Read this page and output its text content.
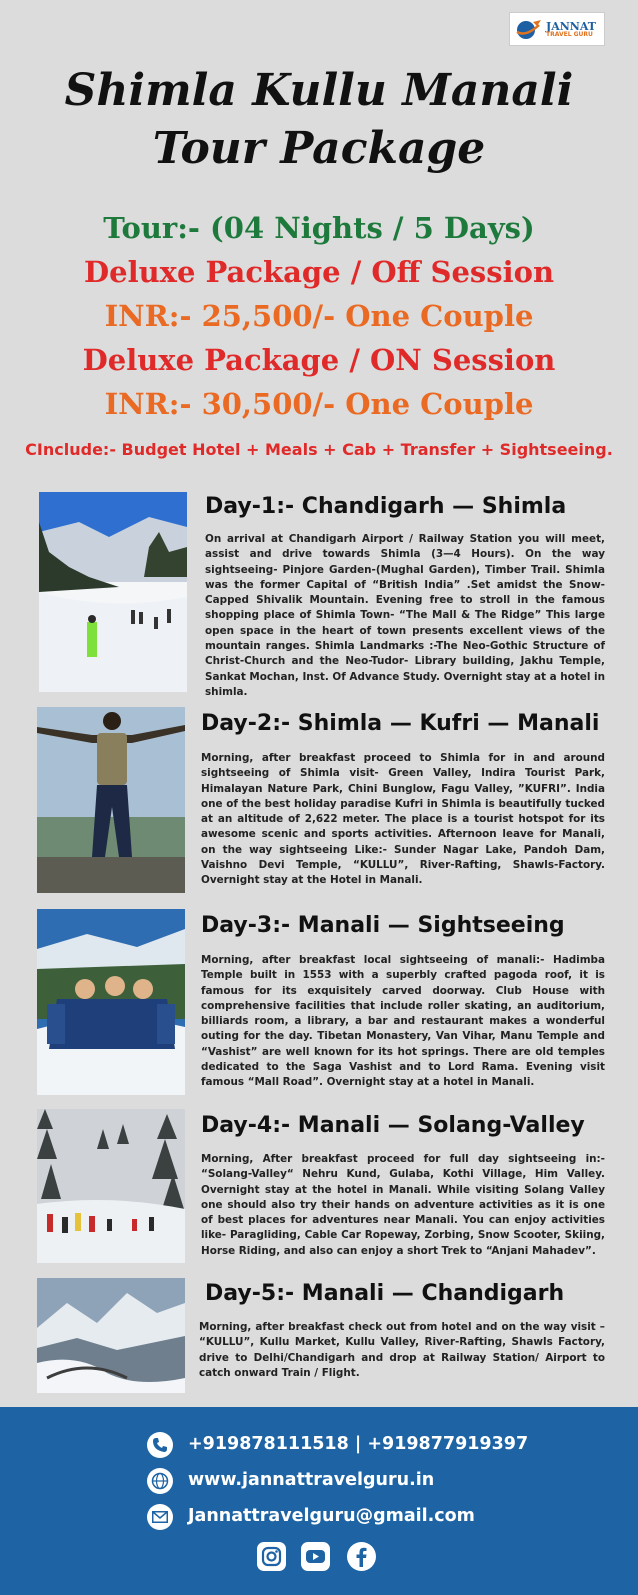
JANNAT
TRAVEL GURU
Shimla Kullu Manali Tour Package
Tour:- (04 Nights / 5 Days)
Deluxe Package / Off Session
INR:- 25,500/- One Couple
Deluxe Package / ON Session
INR:- 30,500/- One Couple
CInclude:- Budget Hotel + Meals + Cab + Transfer + Sightseeing.
Day-1:- Chandigarh — Shimla
On arrival at Chandigarh Airport / Railway Station you will meet, assist and drive towards Shimla (3—4 Hours). On the way sightseeing- Pinjore Garden-(Mughal Garden), Timber Trail. Shimla was the former Capital of “British India” .Set amidst the Snow-Capped Shivalik Mountain. Evening free to stroll in the famous shopping place of Shimla Town- “The Mall & The Ridge” This large open space in the heart of town presents excellent views of the mountain ranges. Shimla Landmarks :-The Neo-Gothic Structure of Christ-Church and the Neo-Tudor- Library building, Jakhu Temple, Sankat Mochan, Inst. Of Advance Study. Overnight stay at a hotel in shimla.
Day-2:- Shimla — Kufri — Manali
Morning, after breakfast proceed to Shimla for in and around sightseeing of Shimla visit- Green Valley, Indira Tourist Park, Himalayan Nature Park, Chini Bunglow, Fagu Valley, ”KUFRI”. India one of the best holiday paradise Kufri in Shimla is beautifully tucked at an altitude of 2,622 meter. The place is a tourist hotspot for its awesome scenic and sports activities. Afternoon leave for Manali, on the way sightseeing Like:- Sunder Nagar Lake, Pandoh Dam, Vaishno Devi Temple, “KULLU”, River-Rafting, Shawls-Factory. Overnight stay at the Hotel in Manali.
Day-3:- Manali — Sightseeing
Morning, after breakfast local sightseeing of manali:- Hadimba Temple built in 1553 with a superbly crafted pagoda roof, it is famous for its exquisitely carved doorway. Club House with comprehensive facilities that include roller skating, an auditorium, billiards room, a library, a bar and restaurant makes a wonderful outing for the day. Tibetan Monastery, Van Vihar, Manu Temple and “Vashist” are well known for its hot springs. There are old temples dedicated to the Saga Vashist and to Lord Rama. Evening visit famous “Mall Road”. Overnight stay at a hotel in Manali.
Day-4:- Manali — Solang-Valley
Morning, After breakfast proceed for full day sightseeing in:- “Solang-Valley“ Nehru Kund, Gulaba, Kothi Village, Him Valley. Overnight stay at the hotel in Manali. While visiting Solang Valley one should also try their hands on adventure activities as it is one of best places for adventures near Manali. You can enjoy activities like- Paragliding, Cable Car Ropeway, Zorbing, Snow Scooter, Skiing, Horse Riding, and also can enjoy a short Trek to “Anjani Mahadev”.
Day-5:- Manali — Chandigarh
Morning, after breakfast check out from hotel and on the way visit – “KULLU”, Kullu Market, Kullu Valley, River-Rafting, Shawls Factory, drive to Delhi/Chandigarh and drop at Railway Station/ Airport to catch onward Train / Flight.
+919878111518 | +919877919397
www.jannattravelguru.in
Jannattravelguru@gmail.com
